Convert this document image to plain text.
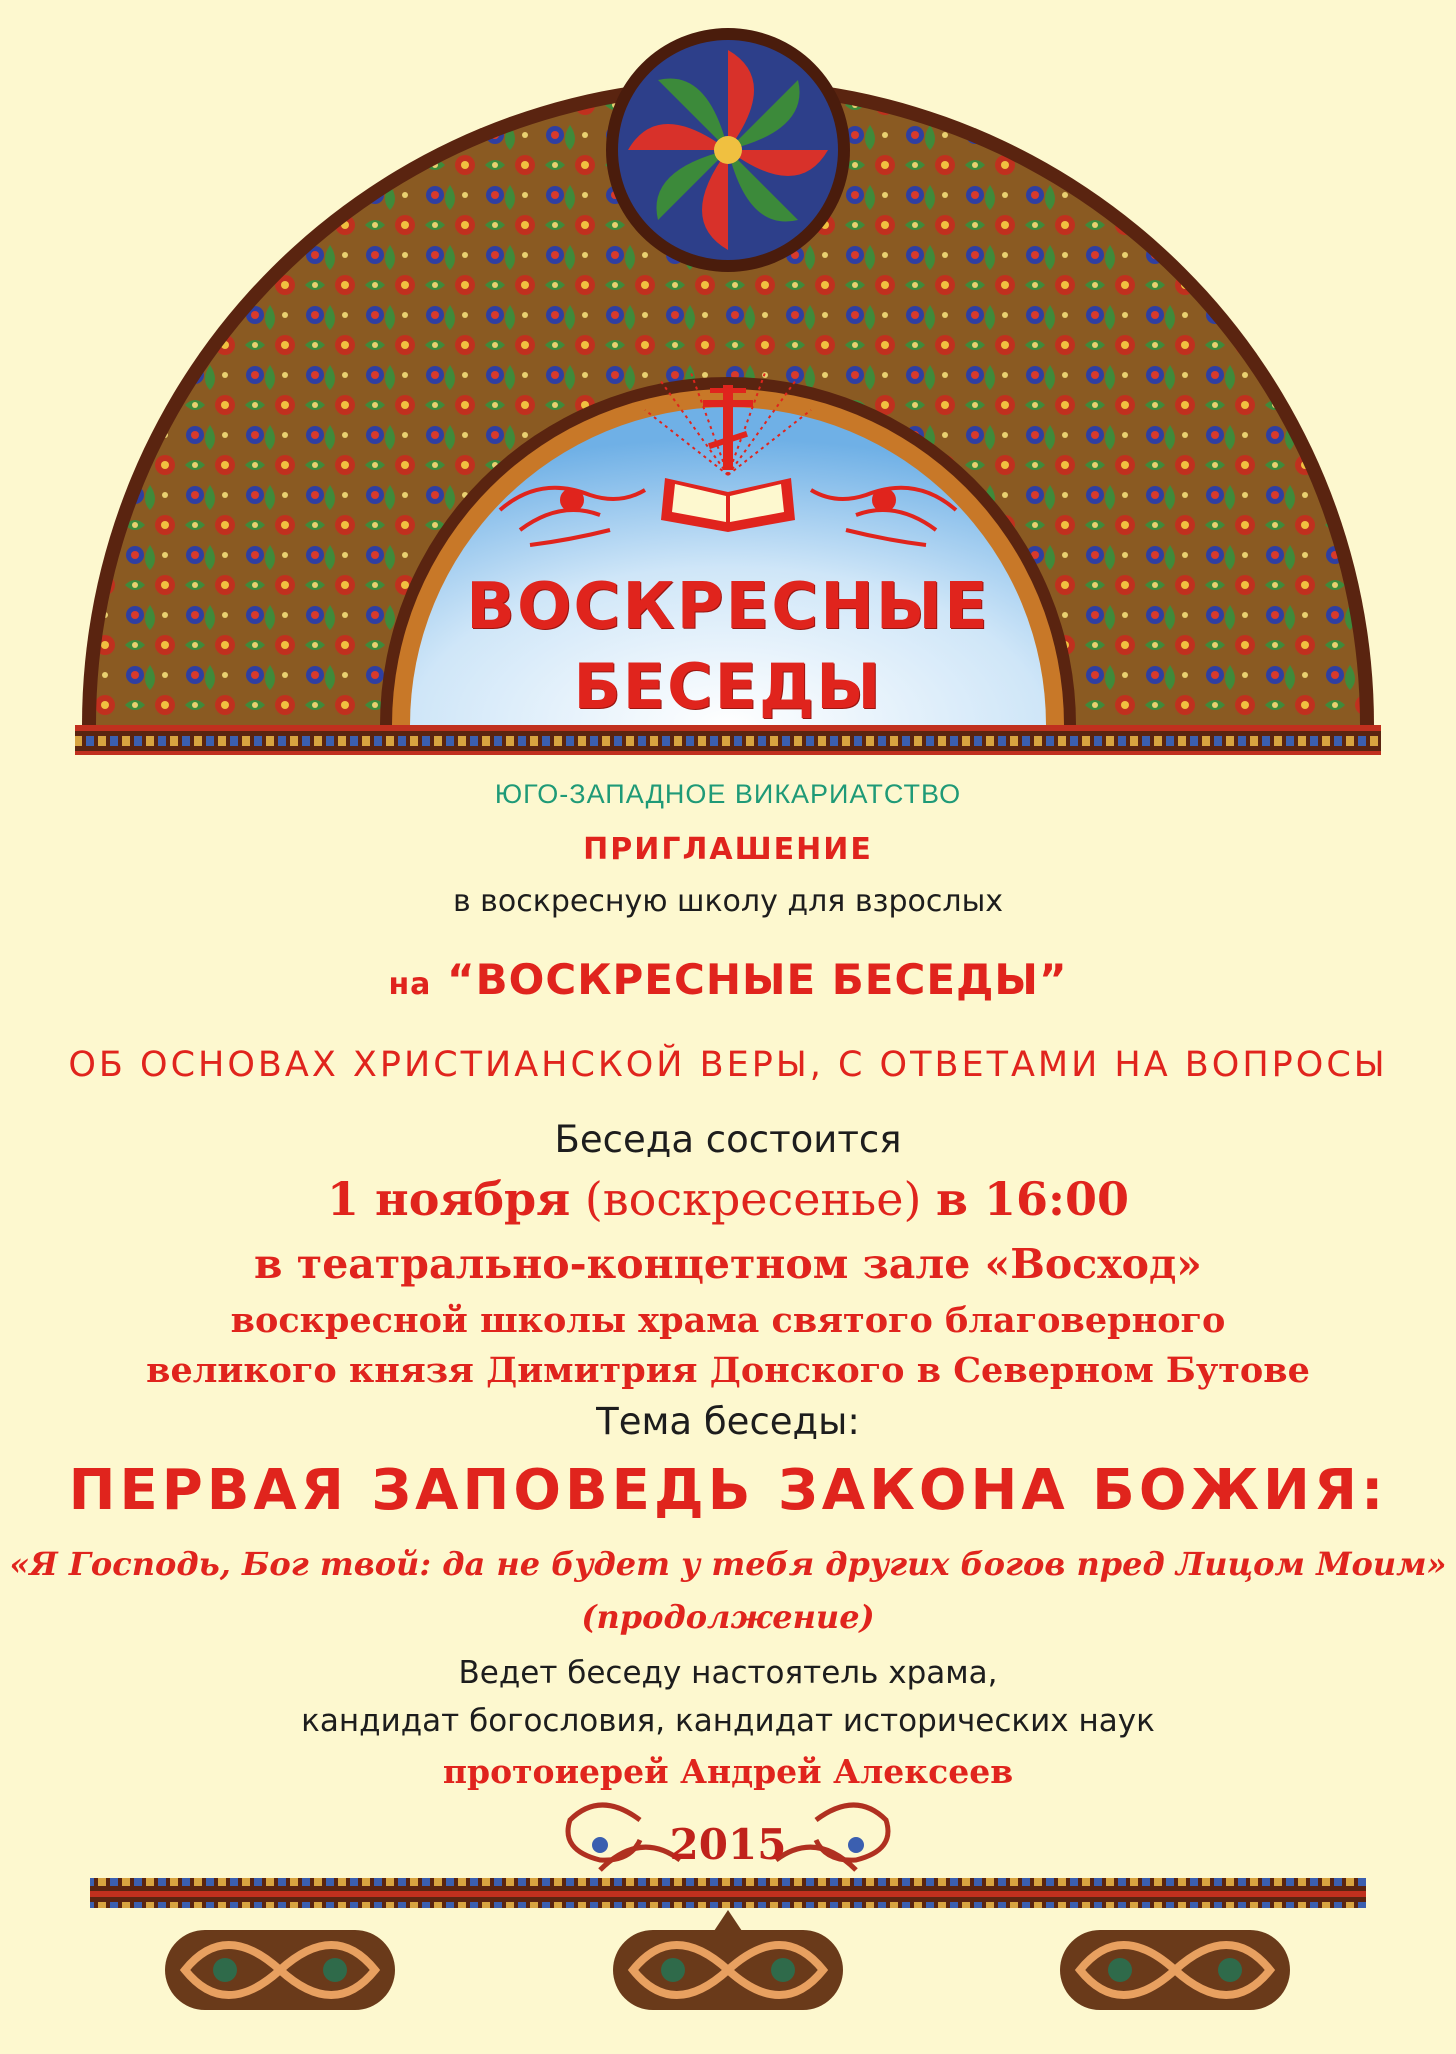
ВОСКРЕСНЫЕ
БЕСЕДЫ
ЮГО-ЗАПАДНОЕ ВИКАРИАТСТВО
ПРИГЛАШЕНИЕ
в воскресную школу для взрослых
на “ВОСКРЕСНЫЕ БЕСЕДЫ”
ОБ ОСНОВАХ ХРИСТИАНСКОЙ ВЕРЫ, С ОТВЕТАМИ НА ВОПРОСЫ
Беседа состоится
1 ноября (воскресенье) в 16:00
в театрально-концетном зале «Восход»
воскресной школы храма святого благоверного
великого князя Димитрия Донского в Северном Бутове
Тема беседы:
ПЕРВАЯ ЗАПОВЕДЬ ЗАКОНА БОЖИЯ:
«Я Господь, Бог твой: да не будет у тебя других богов пред Лицом Моим»
(продолжение)
Ведет беседу настоятель храма,
кандидат богословия, кандидат исторических наук
протоиерей Андрей Алексеев
2015
